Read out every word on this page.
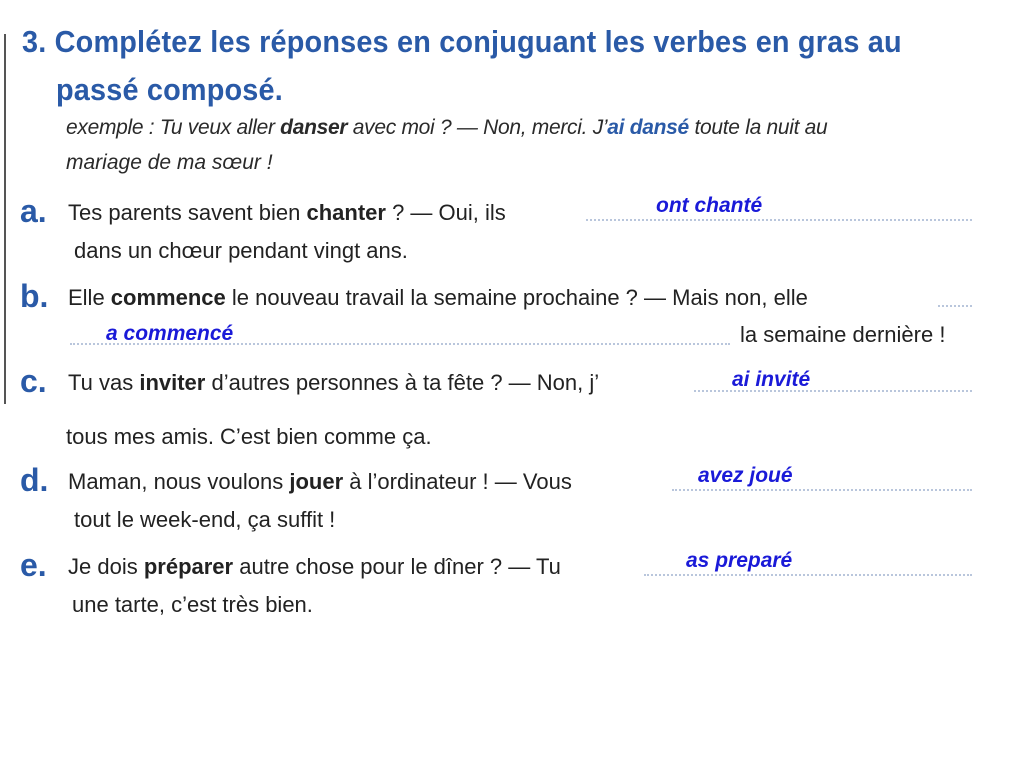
3. Complétez les réponses en conjuguant les verbes en gras au
passé composé.
exemple : Tu veux aller danser avec moi ? — Non, merci. J’ai dansé toute la nuit au
mariage de ma sœur !
a. Tes parents savent bien chanter ? — Oui, ils	ont chanté
dans un chœur pendant vingt ans.
b. Elle commence le nouveau travail la semaine prochaine ? — Mais non, elle
a commencé	la semaine dernière !
c. Tu vas inviter d’autres personnes à ta fête ? — Non, j’	ai invité
tous mes amis. C’est bien comme ça.
d. Maman, nous voulons jouer à l’ordinateur ! — Vous	avez joué
tout le week-end, ça suffit !
e. Je dois préparer autre chose pour le dîner ? — Tu	as preparé
une tarte, c’est très bien.
